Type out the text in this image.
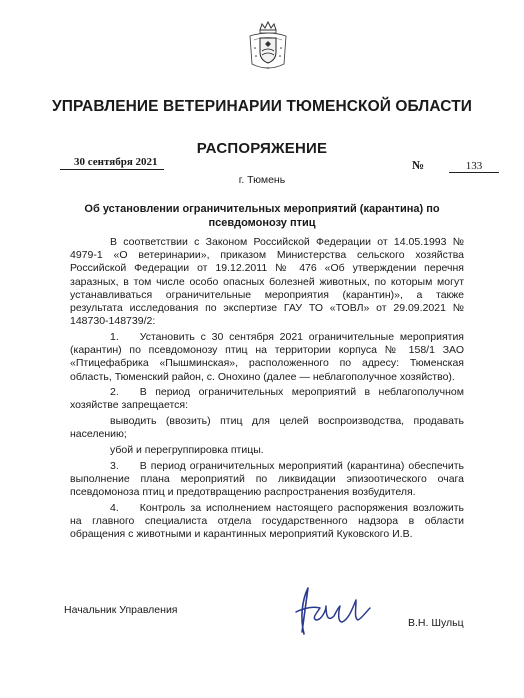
УПРАВЛЕНИЕ ВЕТЕРИНАРИИ ТЮМЕНСКОЙ ОБЛАСТИ
РАСПОРЯЖЕНИЕ
30 сентября 2021	№	133
г. Тюмень
Об установлении ограничительных мероприятий (карантина) по псевдомонозу птиц

В соответствии с Законом Российской Федерации от 14.05.1993 № 4979-1 «О ветеринарии», приказом Министерства сельского хозяйства Российской Федерации от 19.12.2011 № 476 «Об утверждении перечня заразных, в том числе особо опасных болезней животных, по которым могут устанавливаться ограничительные мероприятия (карантин)», а также результата исследования по экспертизе ГАУ ТО «ТОВЛ» от 29.09.2021 № 148730-148739/2:

1.  Установить с 30 сентября 2021 ограничительные мероприятия (карантин) по псевдомонозу птиц на территории корпуса № 158/1 ЗАО «Птицефабрика «Пышминская», расположенного по адресу: Тюменская область, Тюменский район, с. Онохино (далее — неблагополучное хозяйство).

2.  В период ограничительных мероприятий в неблагополучном хозяйстве запрещается:

выводить (ввозить) птиц для целей воспроизводства, продавать населению;

убой и перегруппировка птицы.

3.  В период ограничительных мероприятий (карантина) обеспечить выполнение плана мероприятий по ликвидации эпизоотического очага псевдомоноза птиц и предотвращению распространения возбудителя.

4.  Контроль за исполнением настоящего распоряжения возложить на главного специалиста отдела государственного надзора в области обращения с животными и карантинных мероприятий Куковского И.В.

Начальник Управления
В.Н. Шульц
